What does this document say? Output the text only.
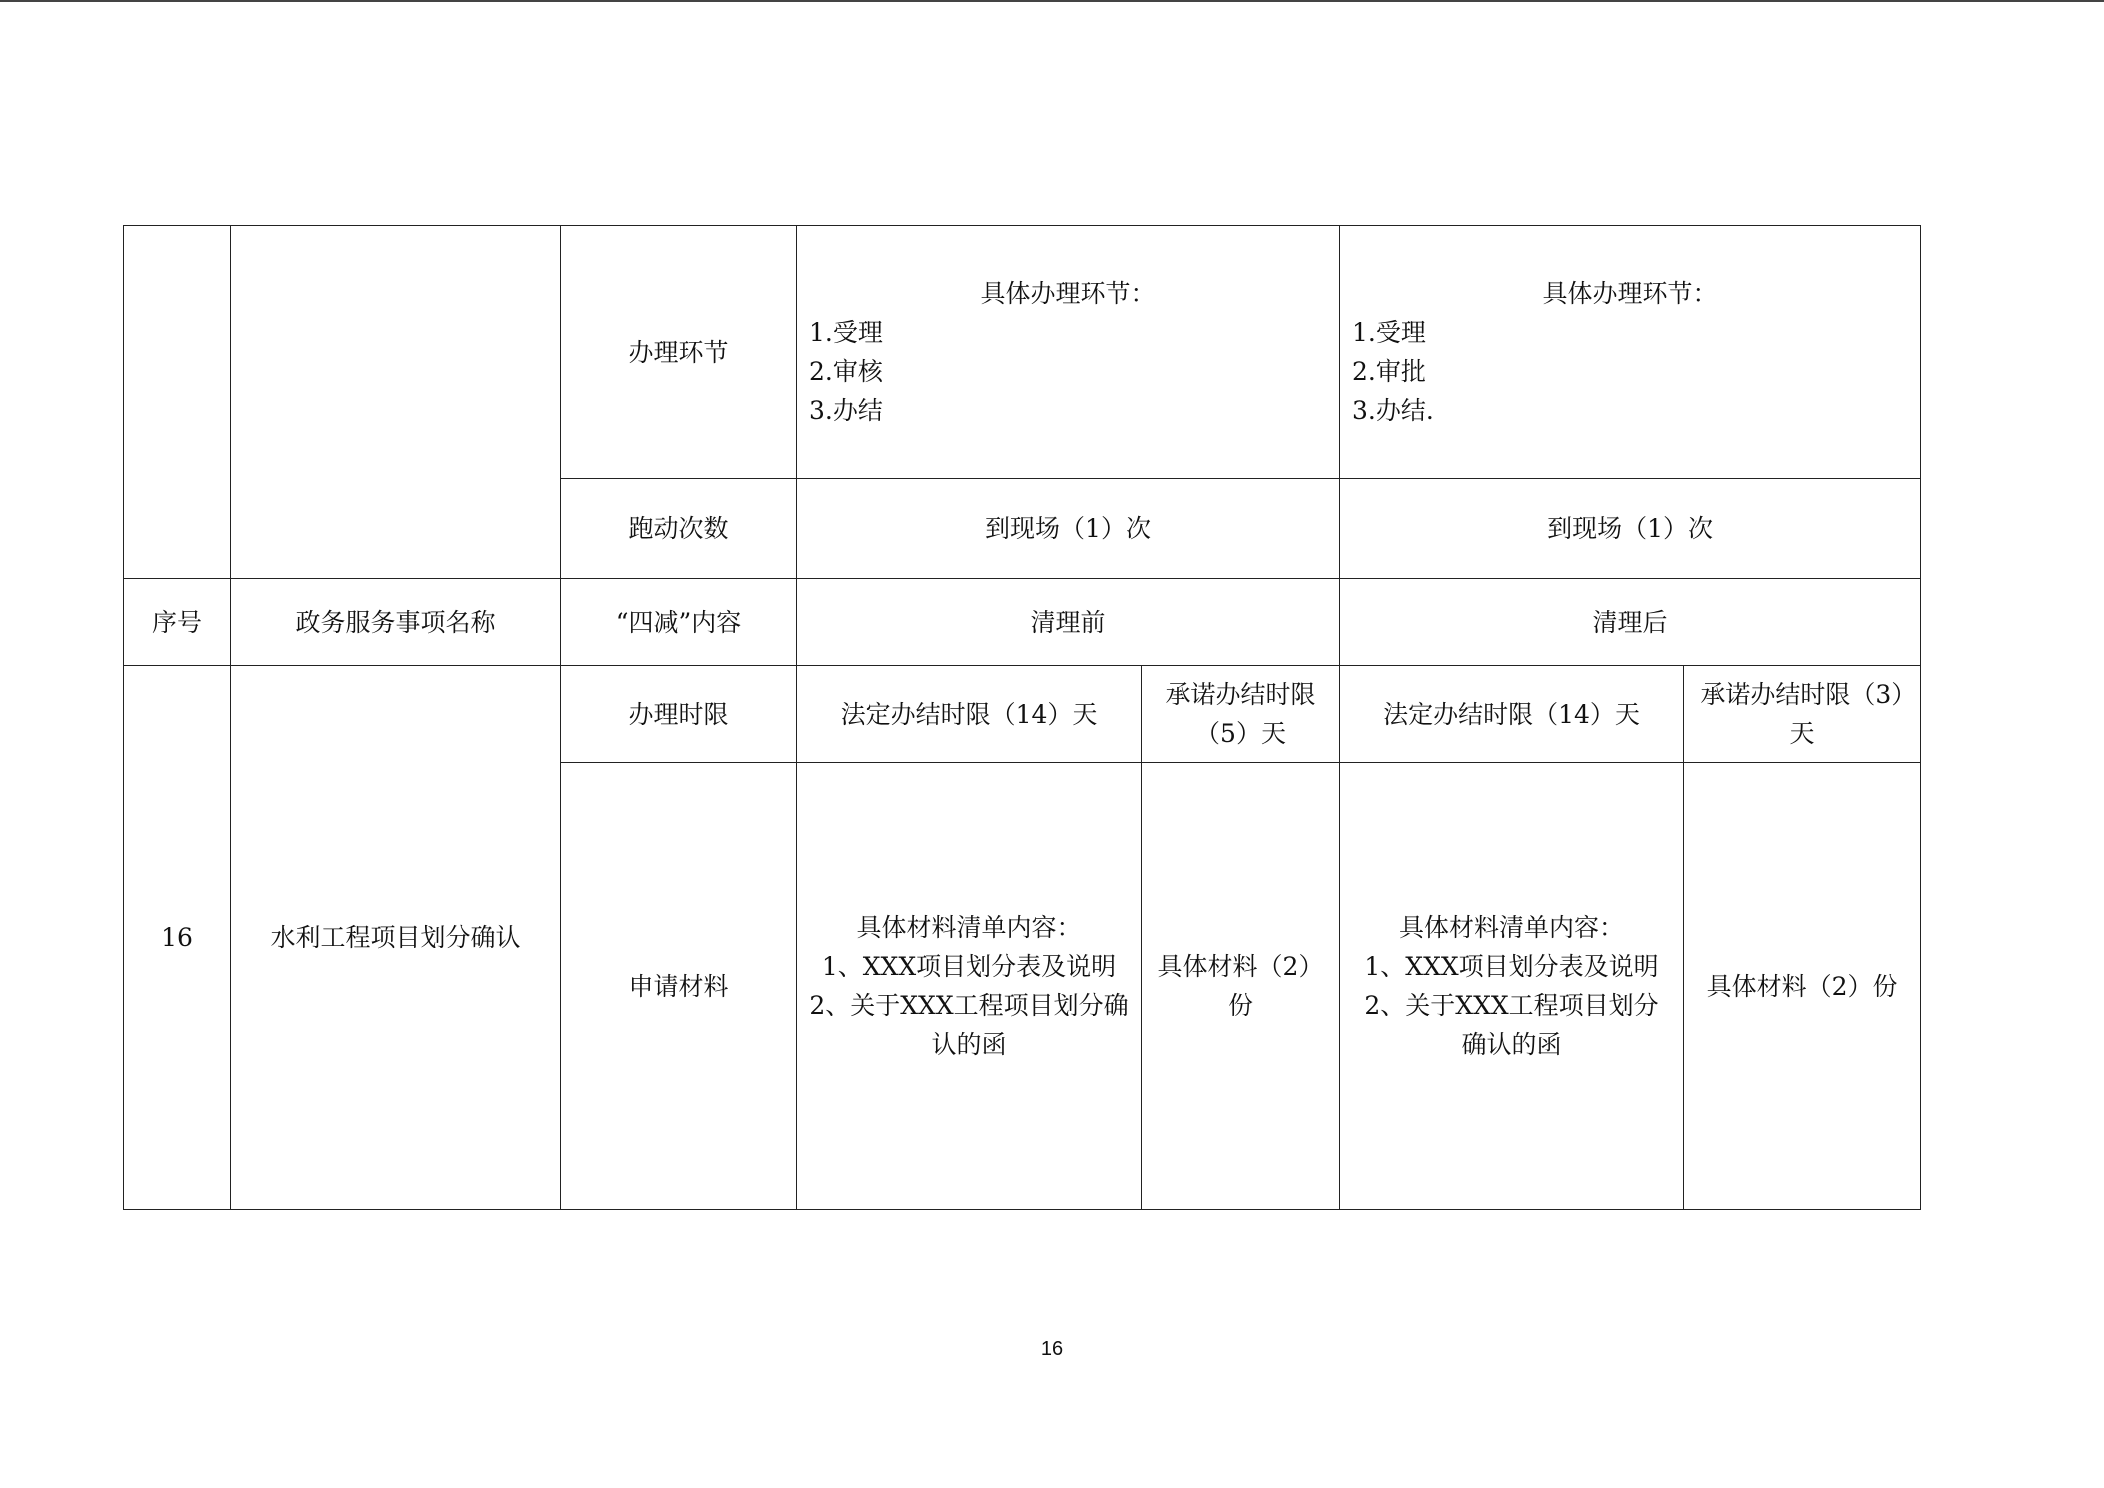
		办理环节	具体办理环节：
1.受理
2.审核
3.办结		具体办理环节：
1.受理
2.审批
3.办结.	

		跑动次数	到现场（1）次		到现场（1）次	
序号	政务服务事项名称	“四减”内容	清理前		清理后	
16	水利工程项目划分确认	办理时限	法定办结时限（14）天	承诺办结时限（5）天	法定办结时限（14）天	承诺办结时限（3）天
		申请材料	具体材料清单内容：
1、XXX项目划分表及说明
2、关于XXX工程项目划分确认的函	具体材料（2）份	具体材料清单内容：
1、XXX项目划分表及说明
2、关于XXX工程项目划分确认的函	具体材料（2）份
16
